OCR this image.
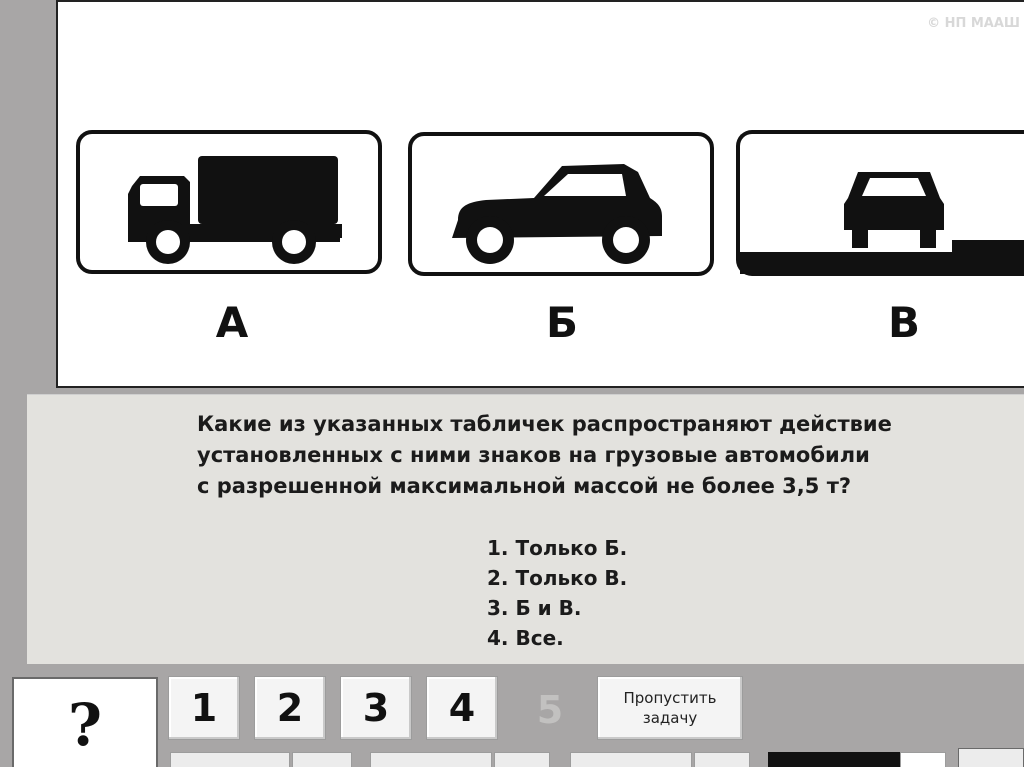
© НП МААШ
А	Б	В
Какие из указанных табличек распространяют действие
установленных с ними знаков на грузовые автомобили
с разрешенной максимальной массой не более 3,5 т?
1. Только Б.
2. Только В.
3. Б и В.
4. Все.
?	1	2	3	4	5	Пропустить
задачу
